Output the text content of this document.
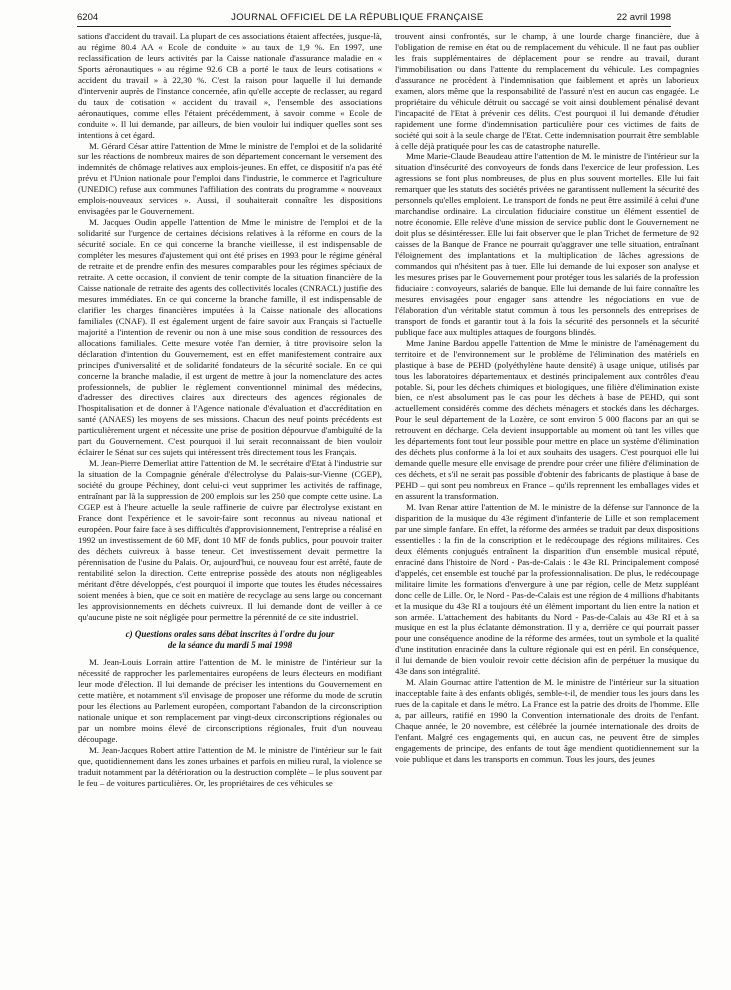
6204	JOURNAL OFFICIEL DE LA RÉPUBLIQUE FRANÇAISE	22 avril 1998

sations d'accident du travail. La plupart de ces associations étaient affectées, jusque-là, au régime 80.4 AA « Ecole de conduite » au taux de 1,9 %. En 1997, une reclassification de leurs activités par la Caisse nationale d'assurance maladie en « Sports aéronautiques » au régime 92.6 CB a porté le taux de leurs cotisations « accident du travail » à 22,30 %. C'est la raison pour laquelle il lui demande d'intervenir auprès de l'instance concernée, afin qu'elle accepte de reclasser, au regard du taux de cotisation « accident du travail », l'ensemble des associations aéronautiques, comme elles l'étaient précédemment, à savoir comme « Ecole de conduite ». Il lui demande, par ailleurs, de bien vouloir lui indiquer quelles sont ses intentions à cet égard.

M. Gérard César attire l'attention de Mme le ministre de l'emploi et de la solidarité sur les réactions de nombreux maires de son département concernant le versement des indemnités de chômage relatives aux emplois-jeunes. En effet, ce dispositif n'a pas été prévu et l'Union nationale pour l'emploi dans l'industrie, le commerce et l'agriculture (UNEDIC) refuse aux communes l'affiliation des contrats du programme « nouveaux emplois-nouveaux services ». Aussi, il souhaiterait connaître les dispositions envisagées par le Gouvernement.

M. Jacques Oudin appelle l'attention de Mme le ministre de l'emploi et de la solidarité sur l'urgence de certaines décisions relatives à la réforme en cours de la sécurité sociale. En ce qui concerne la branche vieillesse, il est indispensable de compléter les mesures d'ajustement qui ont été prises en 1993 pour le régime général de retraite et de prendre enfin des mesures comparables pour les régimes spéciaux de retraite. A cette occasion, il convient de tenir compte de la situation financière de la Caisse nationale de retraite des agents des collectivités locales (CNRACL) justifie des mesures immédiates. En ce qui concerne la branche famille, il est indispensable de clarifier les charges financières imputées à la Caisse nationale des allocations familiales (CNAF). Il est également urgent de faire savoir aux Français si l'actuelle majorité a l'intention de revenir ou non à une mise sous condition de ressources des allocations familiales. Cette mesure votée l'an dernier, à titre provisoire selon la déclaration d'intention du Gouvernement, est en effet manifestement contraire aux principes d'universalité et de solidarité fondateurs de la sécurité sociale. En ce qui concerne la branche maladie, il est urgent de mettre à jour la nomenclature des actes professionnels, de publier le règlement conventionnel minimal des médecins, d'adresser des directives claires aux directeurs des agences régionales de l'hospitalisation et de donner à l'Agence nationale d'évaluation et d'accréditation en santé (ANAES) les moyens de ses missions. Chacun des neuf points précédents est particulièrement urgent et nécessite une prise de position dépourvue d'ambiguïté de la part du Gouvernement. C'est pourquoi il lui serait reconnaissant de bien vouloir éclairer le Sénat sur ces sujets qui intéressent très directement tous les Français.

M. Jean-Pierre Demerliat attire l'attention de M. le secrétaire d'Etat à l'industrie sur la situation de la Compagnie générale d'électrolyse du Palais-sur-Vienne (CGEP), société du groupe Péchiney, dont celui-ci veut supprimer les activités de raffinage, entraînant par là la suppression de 200 emplois sur les 250 que compte cette usine. La CGEP est à l'heure actuelle la seule raffinerie de cuivre par électrolyse existant en France dont l'expérience et le savoir-faire sont reconnus au niveau national et européen. Pour faire face à ses difficultés d'approvisionnement, l'entreprise a réalisé en 1992 un investissement de 60 MF, dont 10 MF de fonds publics, pour pouvoir traiter des déchets cuivreux à basse teneur. Cet investissement devait permettre la pérennisation de l'usine du Palais. Or, aujourd'hui, ce nouveau four est arrêté, faute de rentabilité selon la direction. Cette entreprise possède des atouts non négligeables méritant d'être développés, c'est pourquoi il importe que toutes les études nécessaires soient menées à bien, que ce soit en matière de recyclage au sens large ou concernant les approvisionnements en déchets cuivreux. Il lui demande dont de veiller à ce qu'aucune piste ne soit négligée pour permettre la pérennité de ce site industriel.

c) Questions orales sans débat inscrites à l'ordre du jour
de la séance du mardi 5 mai 1998

M. Jean-Louis Lorrain attire l'attention de M. le ministre de l'intérieur sur la nécessité de rapprocher les parlementaires européens de leurs électeurs en modifiant leur mode d'élection. Il lui demande de préciser les intentions du Gouvernement en cette matière, et notamment s'il envisage de proposer une réforme du mode de scrutin pour les élections au Parlement européen, comportant l'abandon de la circonscription nationale unique et son remplacement par vingt-deux circonscriptions régionales ou par un nombre moins élevé de circonscriptions régionales, fruit d'un nouveau découpage.

M. Jean-Jacques Robert attire l'attention de M. le ministre de l'intérieur sur le fait que, quotidiennement dans les zones urbaines et parfois en milieu rural, la violence se traduit notamment par la détérioration ou la destruction complète – le plus souvent par le feu – de voitures particulières. Or, les propriétaires de ces véhicules se

trouvent ainsi confrontés, sur le champ, à une lourde charge financière, due à l'obligation de remise en état ou de remplacement du véhicule. Il ne faut pas oublier les frais supplémentaires de déplacement pour se rendre au travail, durant l'immobilisation ou dans l'attente du remplacement du véhicule. Les compagnies d'assurance ne procèdent à l'indemnisation que faiblement et après un laborieux examen, alors même que la responsabilité de l'assuré n'est en aucun cas engagée. Le propriétaire du véhicule détruit ou saccagé se voit ainsi doublement pénalisé devant l'incapacité de l'Etat à prévenir ces délits. C'est pourquoi il lui demande d'étudier rapidement une forme d'indemnisation particulière pour ces victimes de faits de société qui soit à la seule charge de l'Etat. Cette indemnisation pourrait être semblable à celle déjà pratiquée pour les cas de catastrophe naturelle.

Mme Marie-Claude Beaudeau attire l'attention de M. le ministre de l'intérieur sur la situation d'insécurité des convoyeurs de fonds dans l'exercice de leur profession. Les agressions se font plus nombreuses, de plus en plus souvent mortelles. Elle lui fait remarquer que les statuts des sociétés privées ne garantissent nullement la sécurité des personnels qu'elles emploient. Le transport de fonds ne peut être assimilé à celui d'une marchandise ordinaire. La circulation fiduciaire constitue un élément essentiel de notre économie. Elle relève d'une mission de service public dont le Gouvernement ne doit plus se désintéresser. Elle lui fait observer que le plan Trichet de fermeture de 92 caisses de la Banque de France ne pourrait qu'aggraver une telle situation, entraînant l'éloignement des implantations et la multiplication de lâches agressions de commandos qui n'hésitent pas à tuer. Elle lui demande de lui exposer son analyse et les mesures prises par le Gouvernement pour protéger tous les salariés de la profession fiduciaire : convoyeurs, salariés de banque. Elle lui demande de lui faire connaître les mesures envisagées pour engager sans attendre les négociations en vue de l'élaboration d'un véritable statut commun à tous les personnels des entreprises de transport de fonds et garantir tout à la fois la sécurité des personnels et la sécurité publique face aux multiples attaques de fourgons blindés.

Mme Janine Bardou appelle l'attention de Mme le ministre de l'aménagement du territoire et de l'environnement sur le problème de l'élimination des matériels en plastique à base de PEHD (polyéthylène haute densité) à usage unique, utilisés par tous les laboratoires départementaux et destinés principalement aux contrôles d'eau potable. Si, pour les déchets chimiques et biologiques, une filière d'élimination existe bien, ce n'est absolument pas le cas pour les déchets à base de PEHD, qui sont actuellement considérés comme des déchets ménagers et stockés dans les décharges. Pour le seul département de la Lozère, ce sont environ 5 000 flacons par an qui se retrouvent en décharge. Cela devient insupportable au moment où tant les villes que les départements font tout leur possible pour mettre en place un système d'élimination des déchets plus conforme à la loi et aux souhaits des usagers. C'est pourquoi elle lui demande quelle mesure elle envisage de prendre pour créer une filière d'élimination de ces déchets, et s'il ne serait pas possible d'obtenir des fabricants de plastique à base de PEHD – qui sont peu nombreux en France – qu'ils reprennent les emballages vides et en assurent la transformation.

M. Ivan Renar attire l'attention de M. le ministre de la défense sur l'annonce de la disparition de la musique du 43e régiment d'infanterie de Lille et son remplacement par une simple fanfare. En effet, la réforme des armées se traduit par deux dispositions essentielles : la fin de la conscription et le redécoupage des régions militaires. Ces deux éléments conjugués entraînent la disparition d'un ensemble musical réputé, enraciné dans l'histoire de Nord - Pas-de-Calais : le 43e RI. Principalement composé d'appelés, cet ensemble est touché par la professionnalisation. De plus, le redécoupage militaire limite les formations d'envergure à une par région, celle de Metz suppléant donc celle de Lille. Or, le Nord - Pas-de-Calais est une région de 4 millions d'habitants et la musique du 43e RI a toujours été un élément important du lien entre la nation et son armée. L'attachement des habitants du Nord - Pas-de-Calais au 43e RI et à sa musique en est la plus éclatante démonstration. Il y a, derrière ce qui pourrait passer pour une conséquence anodine de la réforme des armées, tout un symbole et la qualité d'une institution enracinée dans la culture régionale qui est en péril. En conséquence, il lui demande de bien vouloir revoir cette décision afin de perpétuer la musique du 43e dans son intégralité.

M. Alain Gournac attire l'attention de M. le ministre de l'intérieur sur la situation inacceptable faite à des enfants obligés, semble-t-il, de mendier tous les jours dans les rues de la capitale et dans le métro. La France est la patrie des droits de l'homme. Elle a, par ailleurs, ratifié en 1990 la Convention internationale des droits de l'enfant. Chaque année, le 20 novembre, est célébrée la journée internationale des droits de l'enfant. Malgré ces engagements qui, en aucun cas, ne peuvent être de simples engagements de principe, des enfants de tout âge mendient quotidiennement sur la voie publique et dans les transports en commun. Tous les jours, des jeunes
